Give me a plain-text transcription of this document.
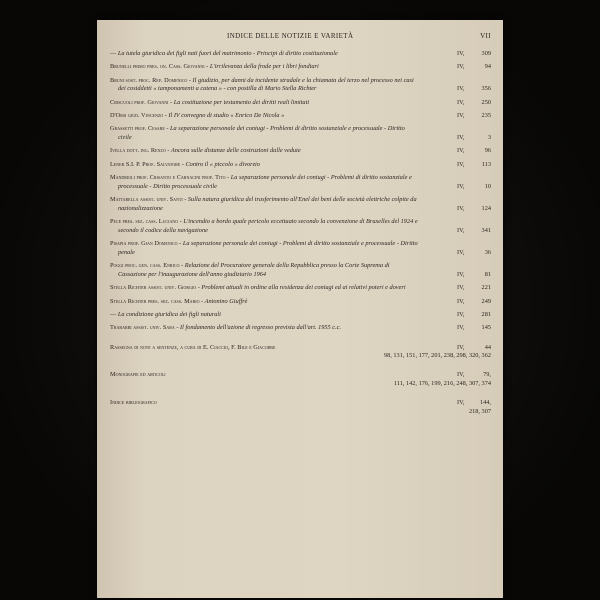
INDICE DELLE NOTIZIE E VARIETÀ	VII
— La tutela giuridica dei figli nati fuori del matrimonio - Principi di diritto costituzionale	IV,	309
Brunelli primo pres. on. Cass. Giovanni - L'irrilevanza della frode per i libri fondiari	IV,	94
Bruni sost. proc. Rep. Domenico - Il giudizio, per danni da incidente stradale e la chiamata del terzo nel processo nei casi dei cosiddetti « tamponamenti a catena » - con postilla di Mario Stella Richter	IV,	356
Criscuoli prof. Giovanni - La costituzione per testamento dei diritti reali limitati	IV,	250
D'Orsi giud. Vincenzo - Il IV convegno di studio « Enrico De Nicola »	IV,	235
Grassetti prof. Cesare - La separazione personale dei coniugi - Problemi di diritto sostanziale e processuale - Diritto civile	IV,	3
Ivella dott. ing. Renzo - Ancora sulle distanze delle costruzioni dalle vedute	IV,	96
Lener S.I. P. Prof. Salvatore - Contro il « piccolo » divorzio	IV,	113
Mandrioli prof. Crisanto e Carnacini prof. Tito - La separazione personale dei coniugi - Problemi di diritto sostanziale e processuale - Diritto processuale civile	IV,	10
Mattarella assist. univ. Santi - Sulla natura giuridica del trasferimento all'Enel dei beni delle società elettriche colpite da nazionalizzazione	IV,	124
Pece pres. sez. cass. Luciano - L'incendio a bordo quale pericolo eccettuato secondo la convenzione di Bruxelles del 1924 e secondo il codice della navigazione	IV,	341
Pisapia prof. Gian Domenico - La separazione personale dei coniugi - Problemi di diritto sostanziale e processuale - Diritto penale	IV,	36
Poggi proc. gen. cass. Enrico - Relazione del Procuratore generale della Repubblica presso la Corte Suprema di Cassazione per l'inaugurazione dell'anno giudiziario 1964	IV,	81
Stella Richter assist. univ. Giorgio - Problemi attuali in ordine alla residenza dei coniugi ed ai relativi poteri e doveri	IV,	221
Stella Richter pres. sez. cass. Mario - Antonino Giuffrè	IV,	249
— La condizione giuridica dei figli naturali	IV,	281
Trabarri assist. univ. Sara - Il fondamento dell'azione di regresso prevista dall'art. 1955 c.c.	IV,	145
Rassegna di note a sentenze, a cura di E. Ciaccio, F. Bile e Giacobbe	IV,	44
98, 131, 151, 177, 201, 238, 298, 320, 362
Monografie ed articoli	IV,	79,
111, 142, 176, 199, 216, 248, 307, 374
Indice bibliografico	IV, 144,
218, 307
